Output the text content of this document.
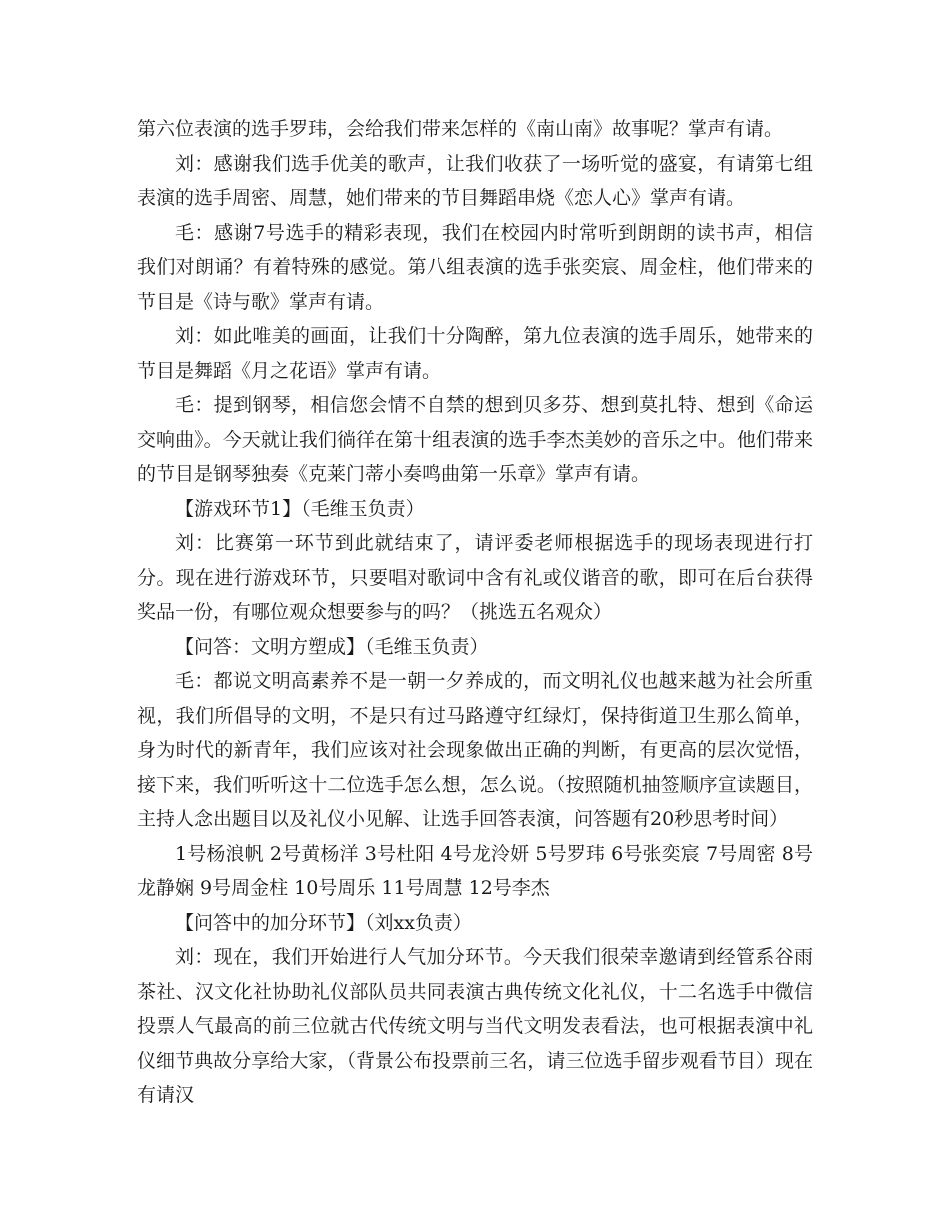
第六位表演的选手罗玮，会给我们带来怎样的《南山南》故事呢？掌声有请。

刘：感谢我们选手优美的歌声，让我们收获了一场听觉的盛宴，有请第七组表演的选手周密、周慧，她们带来的节目舞蹈串烧《恋人心》掌声有请。

毛：感谢7号选手的精彩表现，我们在校园内时常听到朗朗的读书声，相信我们对朗诵？有着特殊的感觉。第八组表演的选手张奕宸、周金柱，他们带来的节目是《诗与歌》掌声有请。

刘：如此唯美的画面，让我们十分陶醉，第九位表演的选手周乐，她带来的节目是舞蹈《月之花语》掌声有请。

毛：提到钢琴，相信您会情不自禁的想到贝多芬、想到莫扎特、想到《命运交响曲》。今天就让我们徜徉在第十组表演的选手李杰美妙的音乐之中。他们带来的节目是钢琴独奏《克莱门蒂小奏鸣曲第一乐章》掌声有请。

【游戏环节1】（毛维玉负责）

刘：比赛第一环节到此就结束了，请评委老师根据选手的现场表现进行打分。现在进行游戏环节，只要唱对歌词中含有礼或仪谐音的歌，即可在后台获得奖品一份，有哪位观众想要参与的吗？（挑选五名观众）

【问答：文明方塑成】（毛维玉负责）

毛：都说文明高素养不是一朝一夕养成的，而文明礼仪也越来越为社会所重视，我们所倡导的文明，不是只有过马路遵守红绿灯，保持街道卫生那么简单，身为时代的新青年，我们应该对社会现象做出正确的判断，有更高的层次觉悟，接下来，我们听听这十二位选手怎么想，怎么说。（按照随机抽签顺序宣读题目，主持人念出题目以及礼仪小见解、让选手回答表演，问答题有20秒思考时间）

1号杨浪帆 2号黄杨洋 3号杜阳 4号龙泠妍 5号罗玮 6号张奕宸 7号周密 8号龙静娴 9号周金柱 10号周乐 11号周慧 12号李杰

【问答中的加分环节】（刘xx负责）

刘：现在，我们开始进行人气加分环节。今天我们很荣幸邀请到经管系谷雨茶社、汉文化社协助礼仪部队员共同表演古典传统文化礼仪，十二名选手中微信投票人气最高的前三位就古代传统文明与当代文明发表看法，也可根据表演中礼仪细节典故分享给大家，（背景公布投票前三名，请三位选手留步观看节目）现在有请汉
